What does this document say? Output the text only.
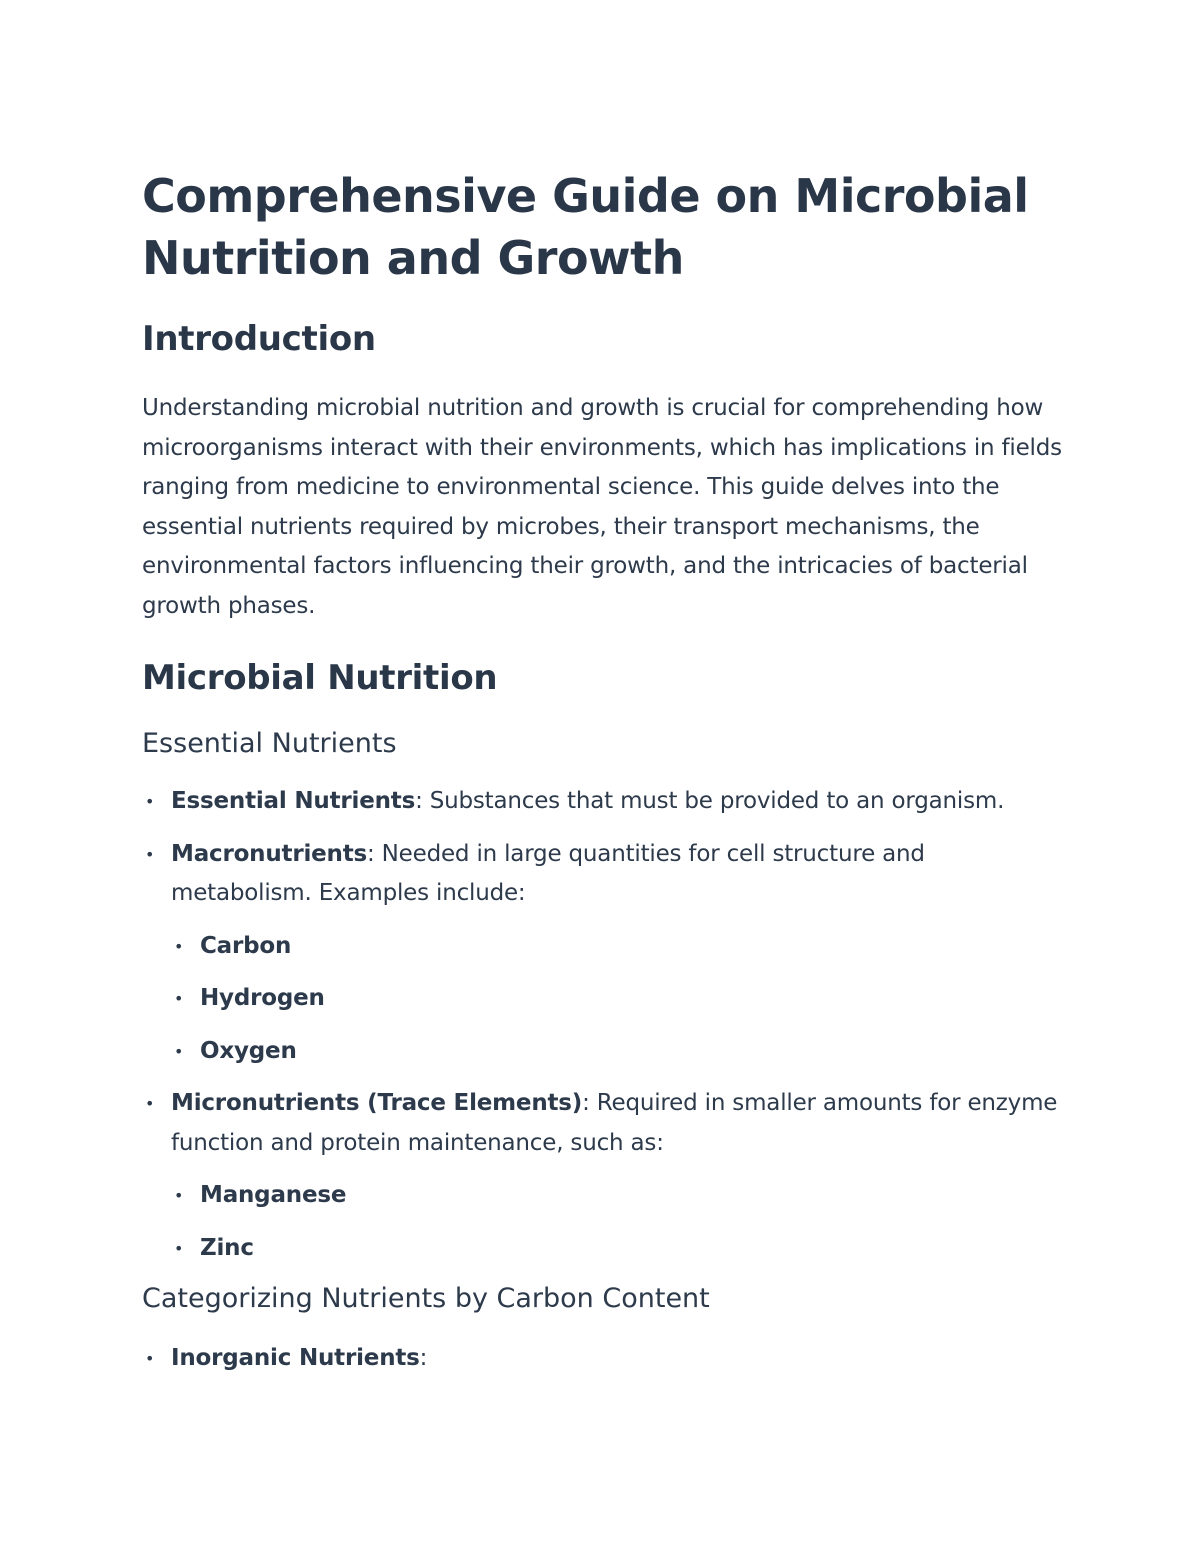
Comprehensive Guide on Microbial Nutrition and Growth
Introduction

Understanding microbial nutrition and growth is crucial for comprehending how microorganisms interact with their environments, which has implications in fields ranging from medicine to environmental science. This guide delves into the essential nutrients required by microbes, their transport mechanisms, the environmental factors influencing their growth, and the intricacies of bacterial growth phases.

Microbial Nutrition
Essential Nutrients
• Essential Nutrients: Substances that must be provided to an organism.
• Macronutrients: Needed in large quantities for cell structure and metabolism. Examples include:
• Carbon
• Hydrogen
• Oxygen
• Micronutrients (Trace Elements): Required in smaller amounts for enzyme function and protein maintenance, such as:
• Manganese
• Zinc
Categorizing Nutrients by Carbon Content
• Inorganic Nutrients:
